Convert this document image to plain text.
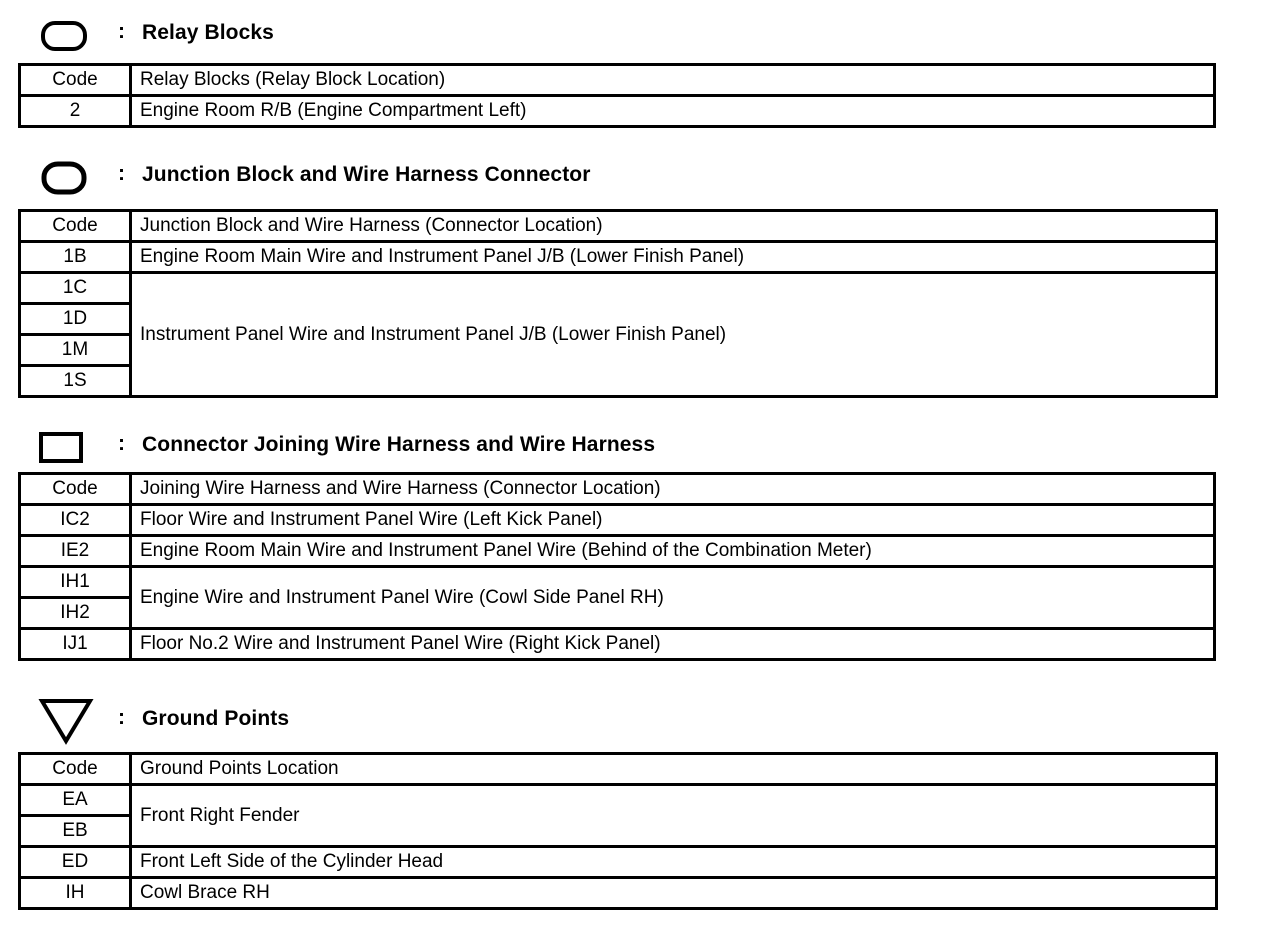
: Relay Blocks
Code	Relay Blocks (Relay Block Location)
2	Engine Room R/B (Engine Compartment Left)
: Junction Block and Wire Harness Connector
Code	Junction Block and Wire Harness (Connector Location)
1B	Engine Room Main Wire and Instrument Panel J/B (Lower Finish Panel)
1C	Instrument Panel Wire and Instrument Panel J/B (Lower Finish Panel)
1D	
1M	
1S	
: Connector Joining Wire Harness and Wire Harness
Code	Joining Wire Harness and Wire Harness (Connector Location)
IC2	Floor Wire and Instrument Panel Wire (Left Kick Panel)
IE2	Engine Room Main Wire and Instrument Panel Wire (Behind of the Combination Meter)
IH1	Engine Wire and Instrument Panel Wire (Cowl Side Panel RH)
IH2	
IJ1	Floor No.2 Wire and Instrument Panel Wire (Right Kick Panel)
: Ground Points
Code	Ground Points Location
EA	Front Right Fender
EB	
ED	Front Left Side of the Cylinder Head
IH	Cowl Brace RH
